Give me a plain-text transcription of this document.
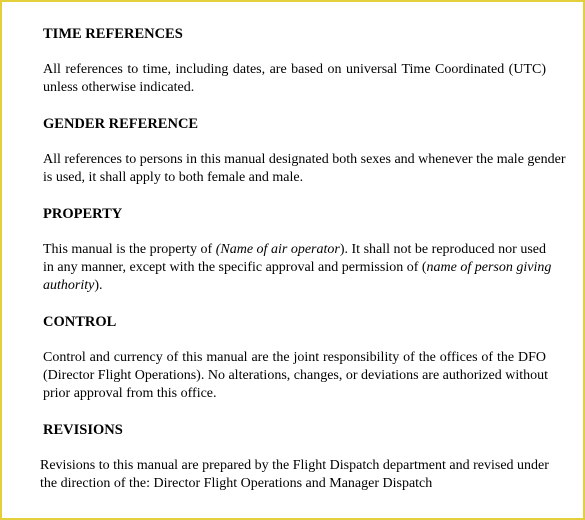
TIME REFERENCES
All references to time, including dates, are based on universal Time Coordinated (UTC)
unless otherwise indicated.
GENDER REFERENCE
All references to persons in this manual designated both sexes and whenever the male gender
is used, it shall apply to both female and male.
PROPERTY
This manual is the property of (Name of air operator). It shall not be reproduced nor used
in any manner, except with the specific approval and permission of (name of person giving
authority).
CONTROL
Control and currency of this manual are the joint responsibility of the offices of the DFO
(Director Flight Operations). No alterations, changes, or deviations are authorized without
prior approval from this office.
REVISIONS
Revisions to this manual are prepared by the Flight Dispatch department and revised under
the direction of the: Director Flight Operations and Manager Dispatch
